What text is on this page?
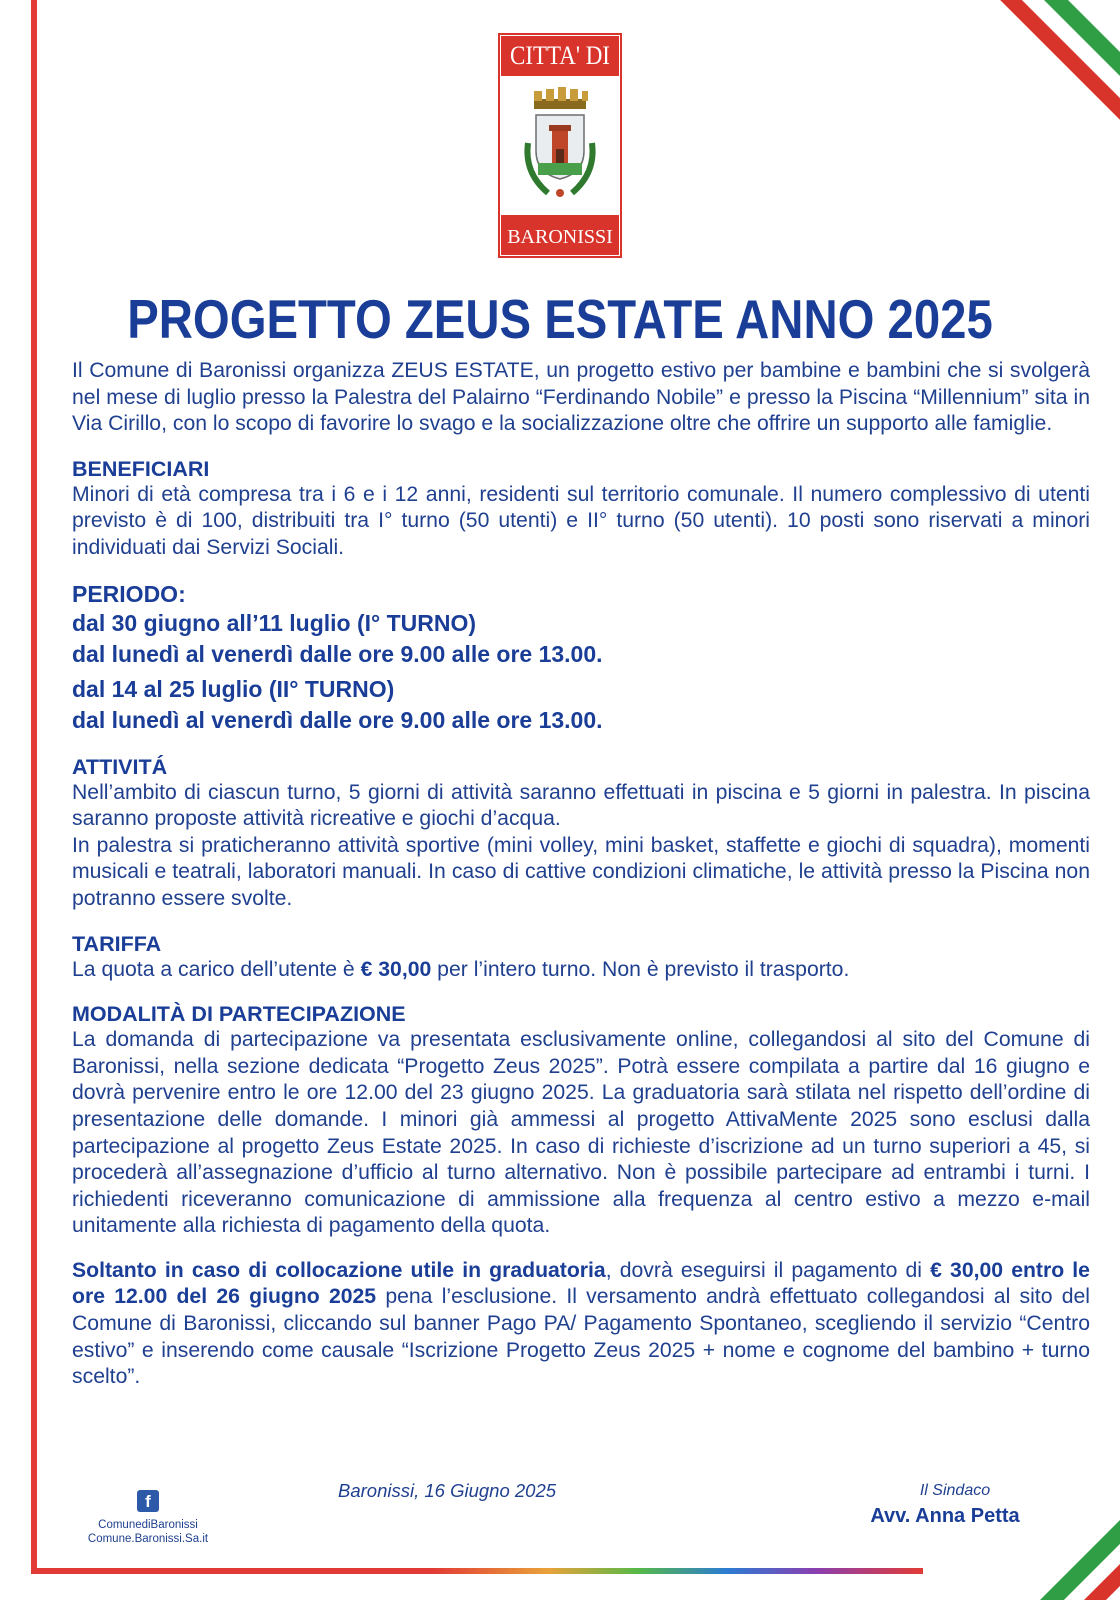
CITTA' DI
BARONISSI
PROGETTO ZEUS ESTATE ANNO 2025

Il Comune di Baronissi organizza ZEUS ESTATE, un progetto estivo per bambine e bambini che si svolgerà nel mese di luglio presso la Palestra del Palairno “Ferdinando Nobile” e presso la Piscina “Millennium” sita in Via Cirillo, con lo scopo di favorire lo svago e la socializzazione oltre che offrire un supporto alle famiglie.

BENEFICIARI

Minori di età compresa tra i 6 e i 12 anni, residenti sul territorio comunale. Il numero complessivo di utenti previsto è di 100, distribuiti tra I° turno (50 utenti) e II° turno (50 utenti). 10 posti sono riservati a minori individuati dai Servizi Sociali.

PERIODO:

dal 30 giugno all’11 luglio (I° TURNO)

dal lunedì al venerdì dalle ore 9.00 alle ore 13.00.

dal 14 al 25 luglio (II° TURNO)

dal lunedì al venerdì dalle ore 9.00 alle ore 13.00.

ATTIVITÁ

Nell’ambito di ciascun turno, 5 giorni di attività saranno effettuati in piscina e 5 giorni in palestra. In piscina saranno proposte attività ricreative e giochi d’acqua.

In palestra si praticheranno attività sportive (mini volley, mini basket, staffette e giochi di squadra), momenti musicali e teatrali, laboratori manuali. In caso di cattive condizioni climatiche, le attività presso la Piscina non potranno essere svolte.

TARIFFA

La quota a carico dell’utente è € 30,00 per l’intero turno. Non è previsto il trasporto.

MODALITÀ DI PARTECIPAZIONE

La domanda di partecipazione va presentata esclusivamente online, collegandosi al sito del Comune di Baronissi, nella sezione dedicata “Progetto Zeus 2025”. Potrà essere compilata a partire dal 16 giugno e dovrà pervenire entro le ore 12.00 del 23 giugno 2025. La graduatoria sarà stilata nel rispetto dell’ordine di presentazione delle domande. I minori già ammessi al progetto AttivaMente 2025 sono esclusi dalla partecipazione al progetto Zeus Estate 2025. In caso di richieste d’iscrizione ad un turno superiori a 45, si procederà all’assegnazione d’ufficio al turno alternativo. Non è possibile partecipare ad entrambi i turni. I richiedenti riceveranno comunicazione di ammissione alla frequenza al centro estivo a mezzo e-mail unitamente alla richiesta di pagamento della quota.

Soltanto in caso di collocazione utile in graduatoria, dovrà eseguirsi il pagamento di € 30,00 entro le ore 12.00 del 26 giugno 2025 pena l’esclusione. Il versamento andrà effettuato collegandosi al sito del Comune di Baronissi, cliccando sul banner Pago PA/ Pagamento Spontaneo, scegliendo il servizio “Centro estivo” e inserendo come causale “Iscrizione Progetto Zeus 2025 + nome e cognome del bambino + turno scelto”.

f
ComunediBaronissi
Comune.Baronissi.Sa.it
Baronissi, 16 Giugno 2025	Il Sindaco
Avv. Anna Petta
